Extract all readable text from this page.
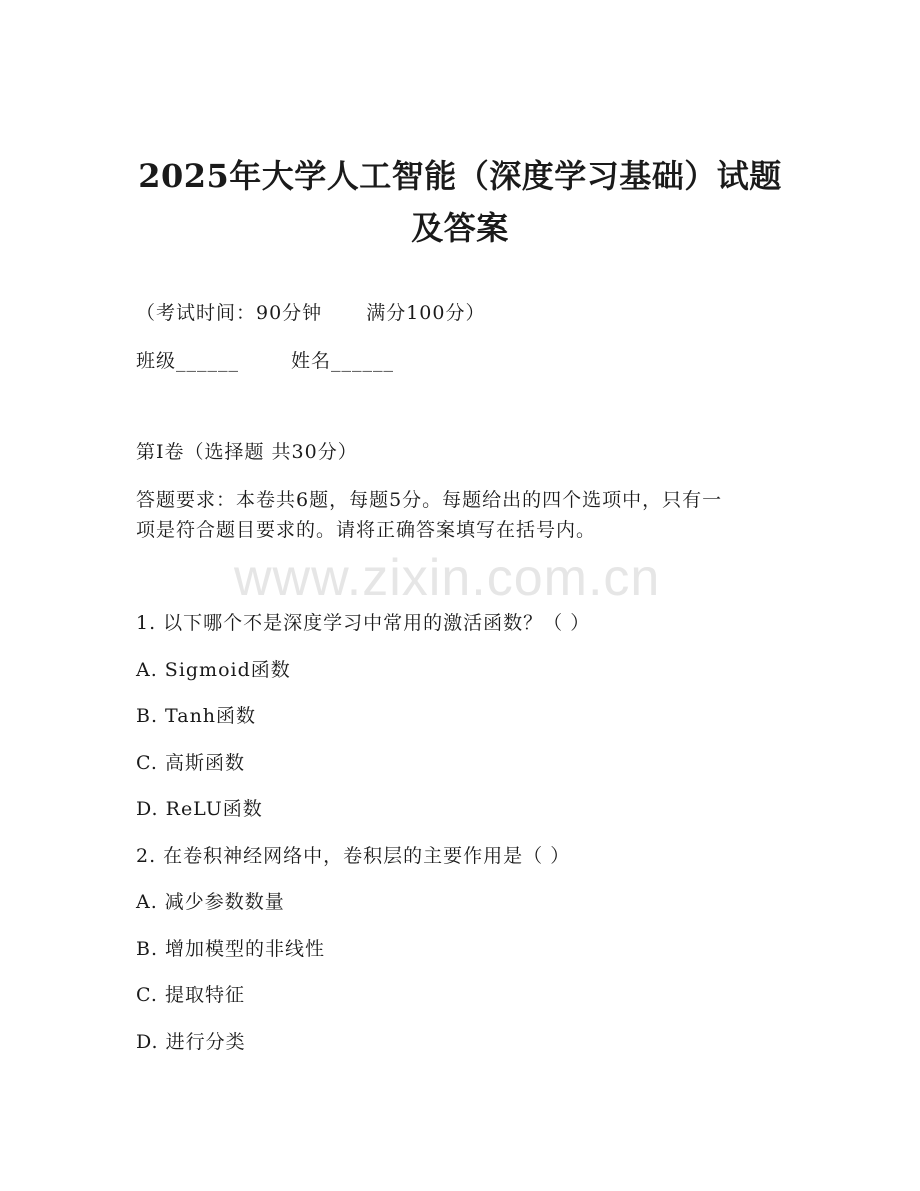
2025年大学人工智能（深度学习基础）试题
及答案
（考试时间：90分钟 满分100分）
班级______	姓名______
第I卷（选择题 共30分）
答题要求：本卷共6题，每题5分。每题给出的四个选项中，只有一
项是符合题目要求的。请将正确答案填写在括号内。
www.zixin.com.cn
1. 以下哪个不是深度学习中常用的激活函数？（ ）
A. Sigmoid函数
B. Tanh函数
C. 高斯函数
D. ReLU函数
2. 在卷积神经网络中，卷积层的主要作用是（ ）
A. 减少参数数量
B. 增加模型的非线性
C. 提取特征
D. 进行分类
